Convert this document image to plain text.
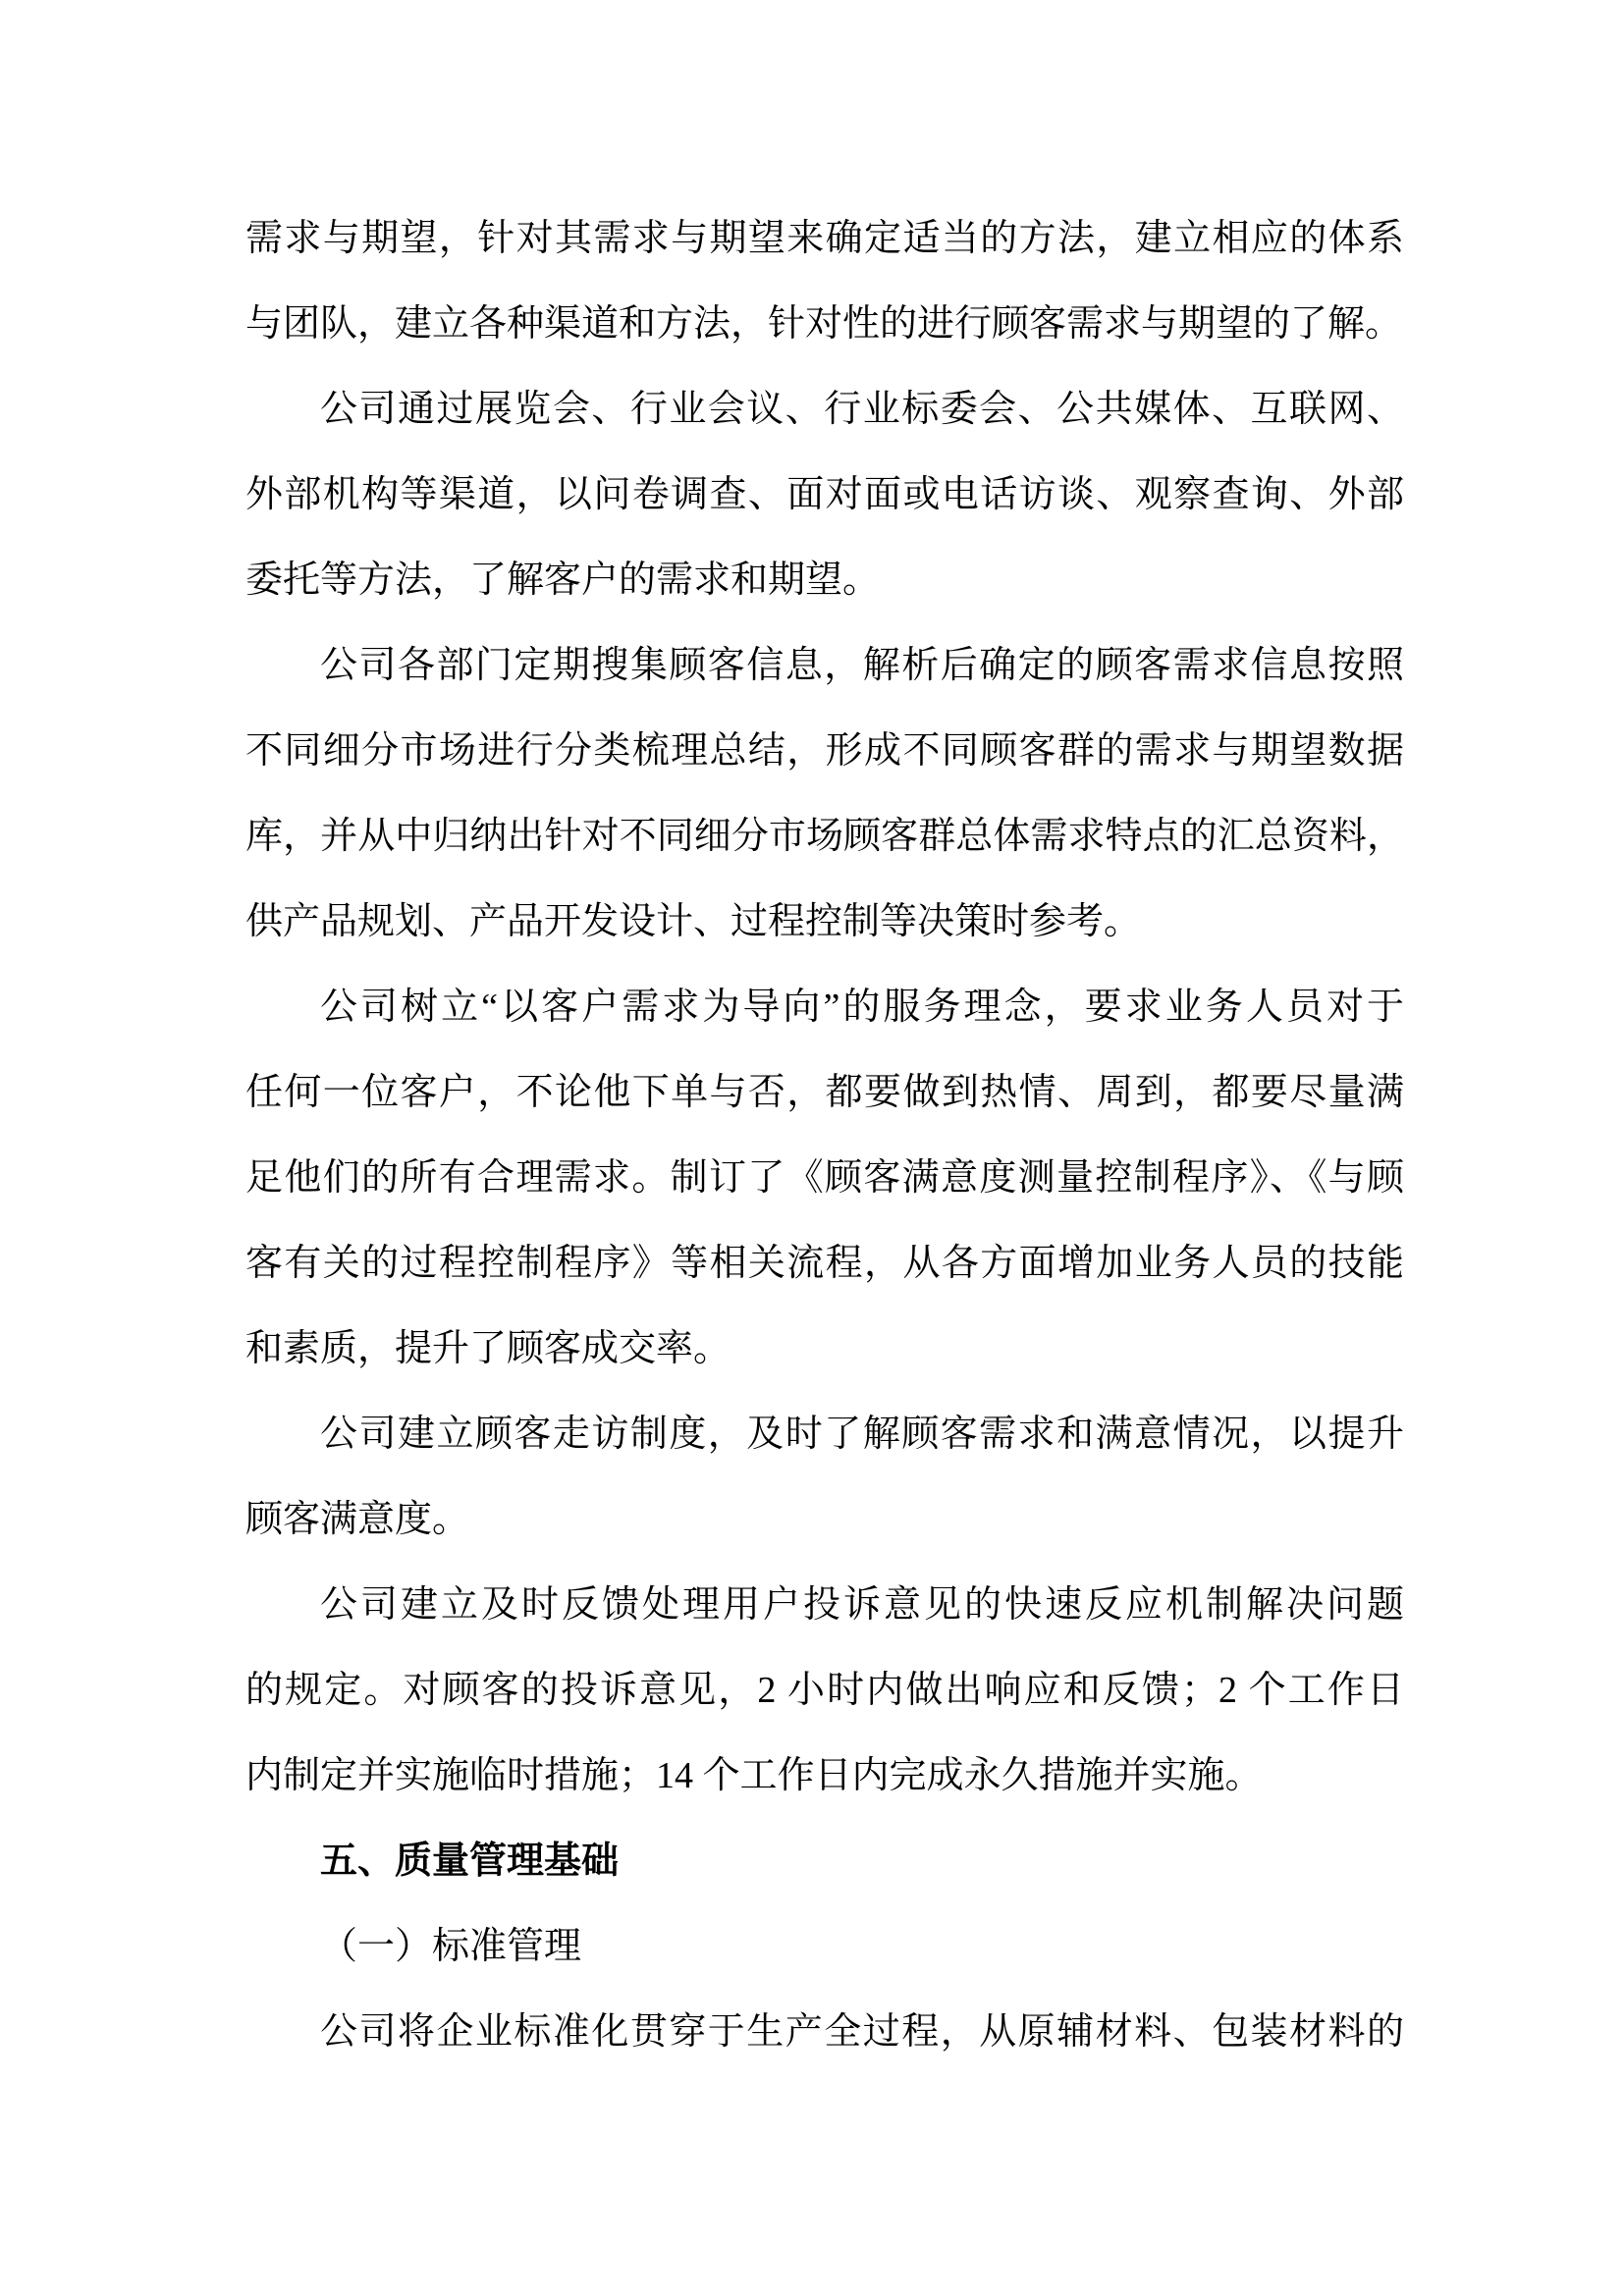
需求与期望，针对其需求与期望来确定适当的方法，建立相应的体系
与团队，建立各种渠道和方法，针对性的进行顾客需求与期望的了解。
公司通过展览会、行业会议、行业标委会、公共媒体、互联网、
外部机构等渠道，以问卷调查、面对面或电话访谈、观察查询、外部
委托等方法，了解客户的需求和期望。
公司各部门定期搜集顾客信息，解析后确定的顾客需求信息按照
不同细分市场进行分类梳理总结，形成不同顾客群的需求与期望数据
库，并从中归纳出针对不同细分市场顾客群总体需求特点的汇总资料，
供产品规划、产品开发设计、过程控制等决策时参考。
公司树立“以客户需求为导向”的服务理念，要求业务人员对于
任何一位客户，不论他下单与否，都要做到热情、周到，都要尽量满
足他们的所有合理需求。制订了《顾客满意度测量控制程序》、《与顾
客有关的过程控制程序》等相关流程，从各方面增加业务人员的技能
和素质，提升了顾客成交率。
公司建立顾客走访制度，及时了解顾客需求和满意情况，以提升
顾客满意度。
公司建立及时反馈处理用户投诉意见的快速反应机制解决问题
的规定。对顾客的投诉意见，2 小时内做出响应和反馈；2 个工作日
内制定并实施临时措施；14 个工作日内完成永久措施并实施。
五、质量管理基础
（一）标准管理
公司将企业标准化贯穿于生产全过程，从原辅材料、包装材料的
